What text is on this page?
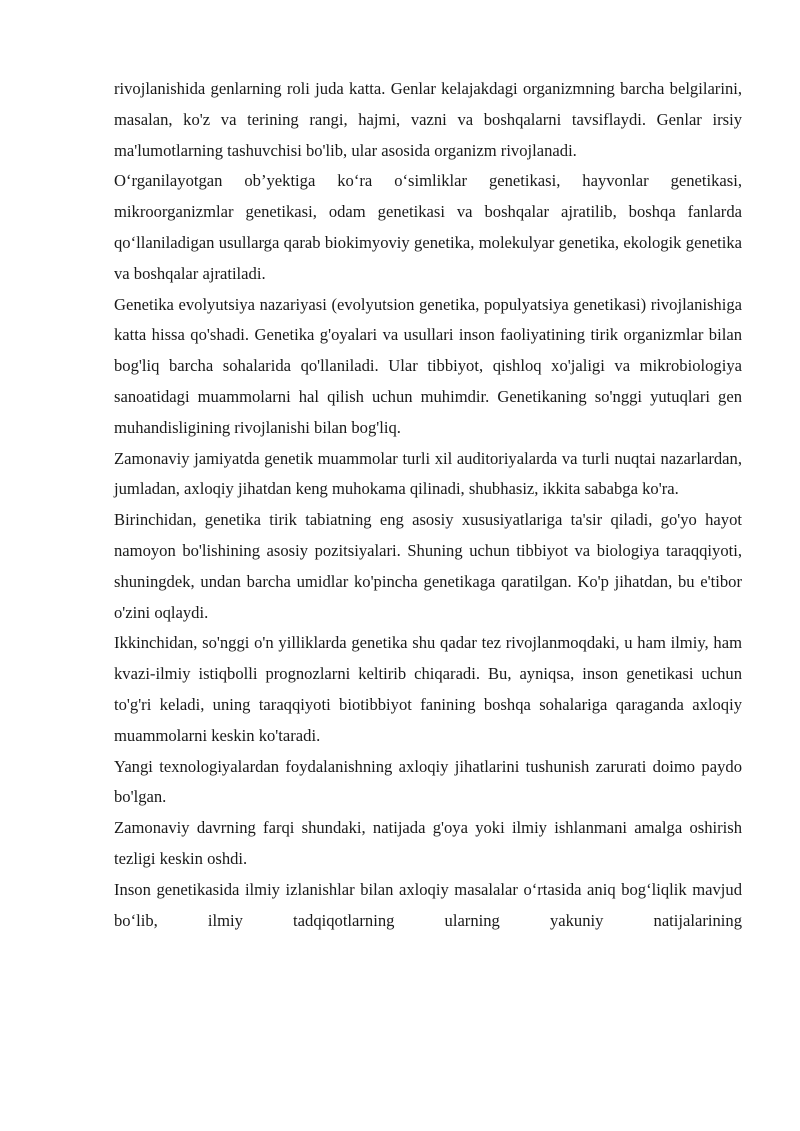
rivojlanishida genlarning roli juda katta. Genlar kelajakdagi organizmning barcha belgilarini, masalan, ko'z va terining rangi, hajmi, vazni va boshqalarni tavsiflaydi. Genlar irsiy ma'lumotlarning tashuvchisi bo'lib, ular asosida organizm rivojlanadi.

O‘rganilayotgan ob’yektiga ko‘ra o‘simliklar genetikasi, hayvonlar genetikasi, mikroorganizmlar genetikasi, odam genetikasi va boshqalar ajratilib, boshqa fanlarda qo‘llaniladigan usullarga qarab biokimyoviy genetika, molekulyar genetika, ekologik genetika va boshqalar ajratiladi.

Genetika evolyutsiya nazariyasi (evolyutsion genetika, populyatsiya genetikasi) rivojlanishiga katta hissa qo'shadi. Genetika g'oyalari va usullari inson faoliyatining tirik organizmlar bilan bog'liq barcha sohalarida qo'llaniladi. Ular tibbiyot, qishloq xo'jaligi va mikrobiologiya sanoatidagi muammolarni hal qilish uchun muhimdir. Genetikaning so'nggi yutuqlari gen muhandisligining rivojlanishi bilan bog'liq.

Zamonaviy jamiyatda genetik muammolar turli xil auditoriyalarda va turli nuqtai nazarlardan, jumladan, axloqiy jihatdan keng muhokama qilinadi, shubhasiz, ikkita sababga ko'ra.

Birinchidan, genetika tirik tabiatning eng asosiy xususiyatlariga ta'sir qiladi, go'yo hayot namoyon bo'lishining asosiy pozitsiyalari. Shuning uchun tibbiyot va biologiya taraqqiyoti, shuningdek, undan barcha umidlar ko'pincha genetikaga qaratilgan. Ko'p jihatdan, bu e'tibor o'zini oqlaydi.

Ikkinchidan, so'nggi o'n yilliklarda genetika shu qadar tez rivojlanmoqdaki, u ham ilmiy, ham kvazi-ilmiy istiqbolli prognozlarni keltirib chiqaradi. Bu, ayniqsa, inson genetikasi uchun to'g'ri keladi, uning taraqqiyoti biotibbiyot fanining boshqa sohalariga qaraganda axloqiy muammolarni keskin ko'taradi.

Yangi texnologiyalardan foydalanishning axloqiy jihatlarini tushunish zarurati doimo paydo bo'lgan.

Zamonaviy davrning farqi shundaki, natijada g'oya yoki ilmiy ishlanmani amalga oshirish tezligi keskin oshdi.

Inson genetikasida ilmiy izlanishlar bilan axloqiy masalalar o‘rtasida aniq bog‘liqlik mavjud bo‘lib, ilmiy tadqiqotlarning ularning yakuniy natijalarining
